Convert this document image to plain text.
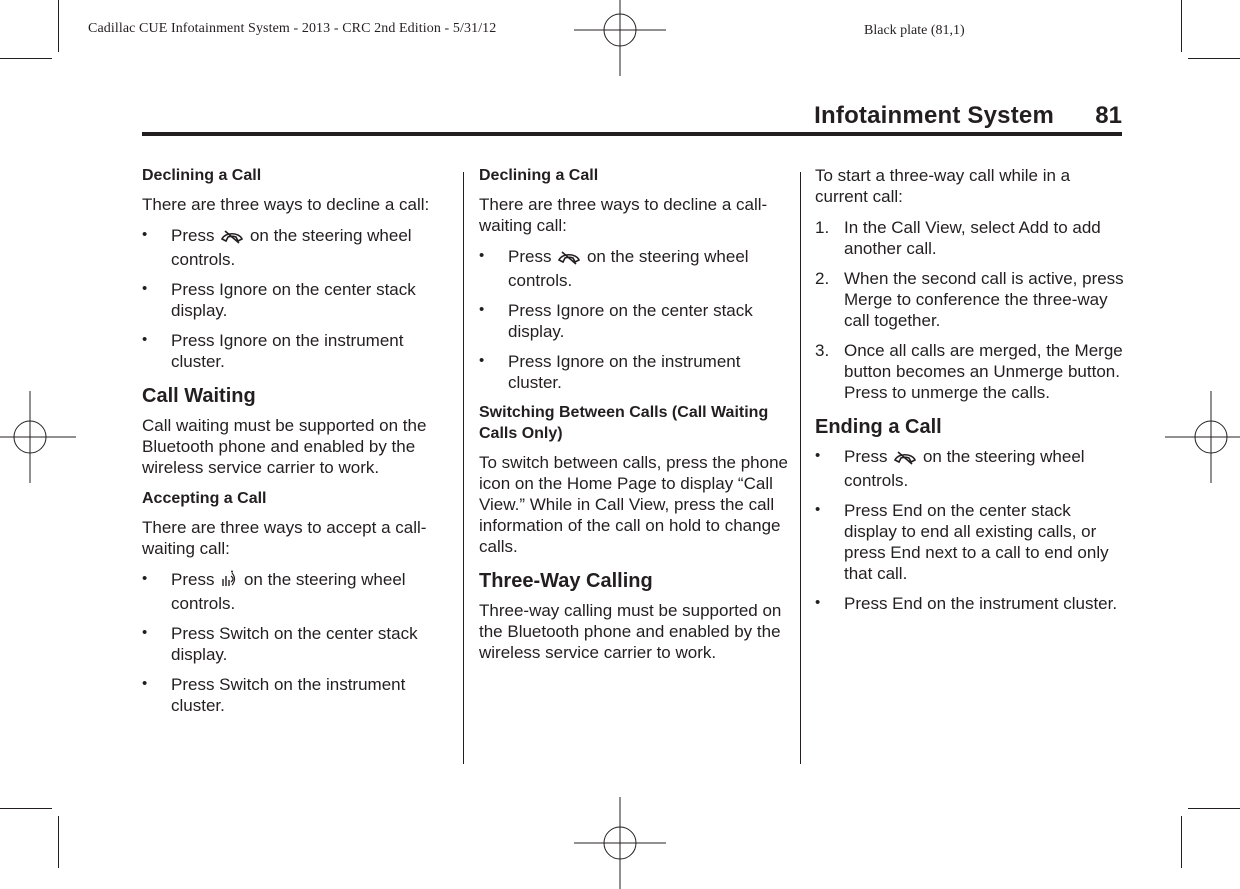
Cadillac CUE Infotainment System - 2013 - CRC 2nd Edition - 5/31/12	Black plate (81,1)
Infotainment System 81
Declining a Call

There are three ways to decline a call:

• Press on the steering wheel controls.
• Press Ignore on the center stack display.
• Press Ignore on the instrument cluster.
Call Waiting

Call waiting must be supported on the Bluetooth phone and enabled by the wireless service carrier to work.

Accepting a Call

There are three ways to accept a call-waiting call:

• Press on the steering wheel controls.
• Press Switch on the center stack display.
• Press Switch on the instrument cluster.
Declining a Call

There are three ways to decline a call-waiting call:

• Press on the steering wheel controls.
• Press Ignore on the center stack display.
• Press Ignore on the instrument cluster.
Switching Between Calls (Call Waiting Calls Only)

To switch between calls, press the phone icon on the Home Page to display “Call View.” While in Call View, press the call information of the call on hold to change calls.

Three-Way Calling

Three-way calling must be supported on the Bluetooth phone and enabled by the wireless service carrier to work.

To start a three-way call while in a current call:

1. In the Call View, select Add to add another call.
2. When the second call is active, press Merge to conference the three-way call together.
3. Once all calls are merged, the Merge button becomes an Unmerge button. Press to unmerge the calls.
Ending a Call
• Press on the steering wheel controls.
• Press End on the center stack display to end all existing calls, or press End next to a call to end only that call.
• Press End on the instrument cluster.
